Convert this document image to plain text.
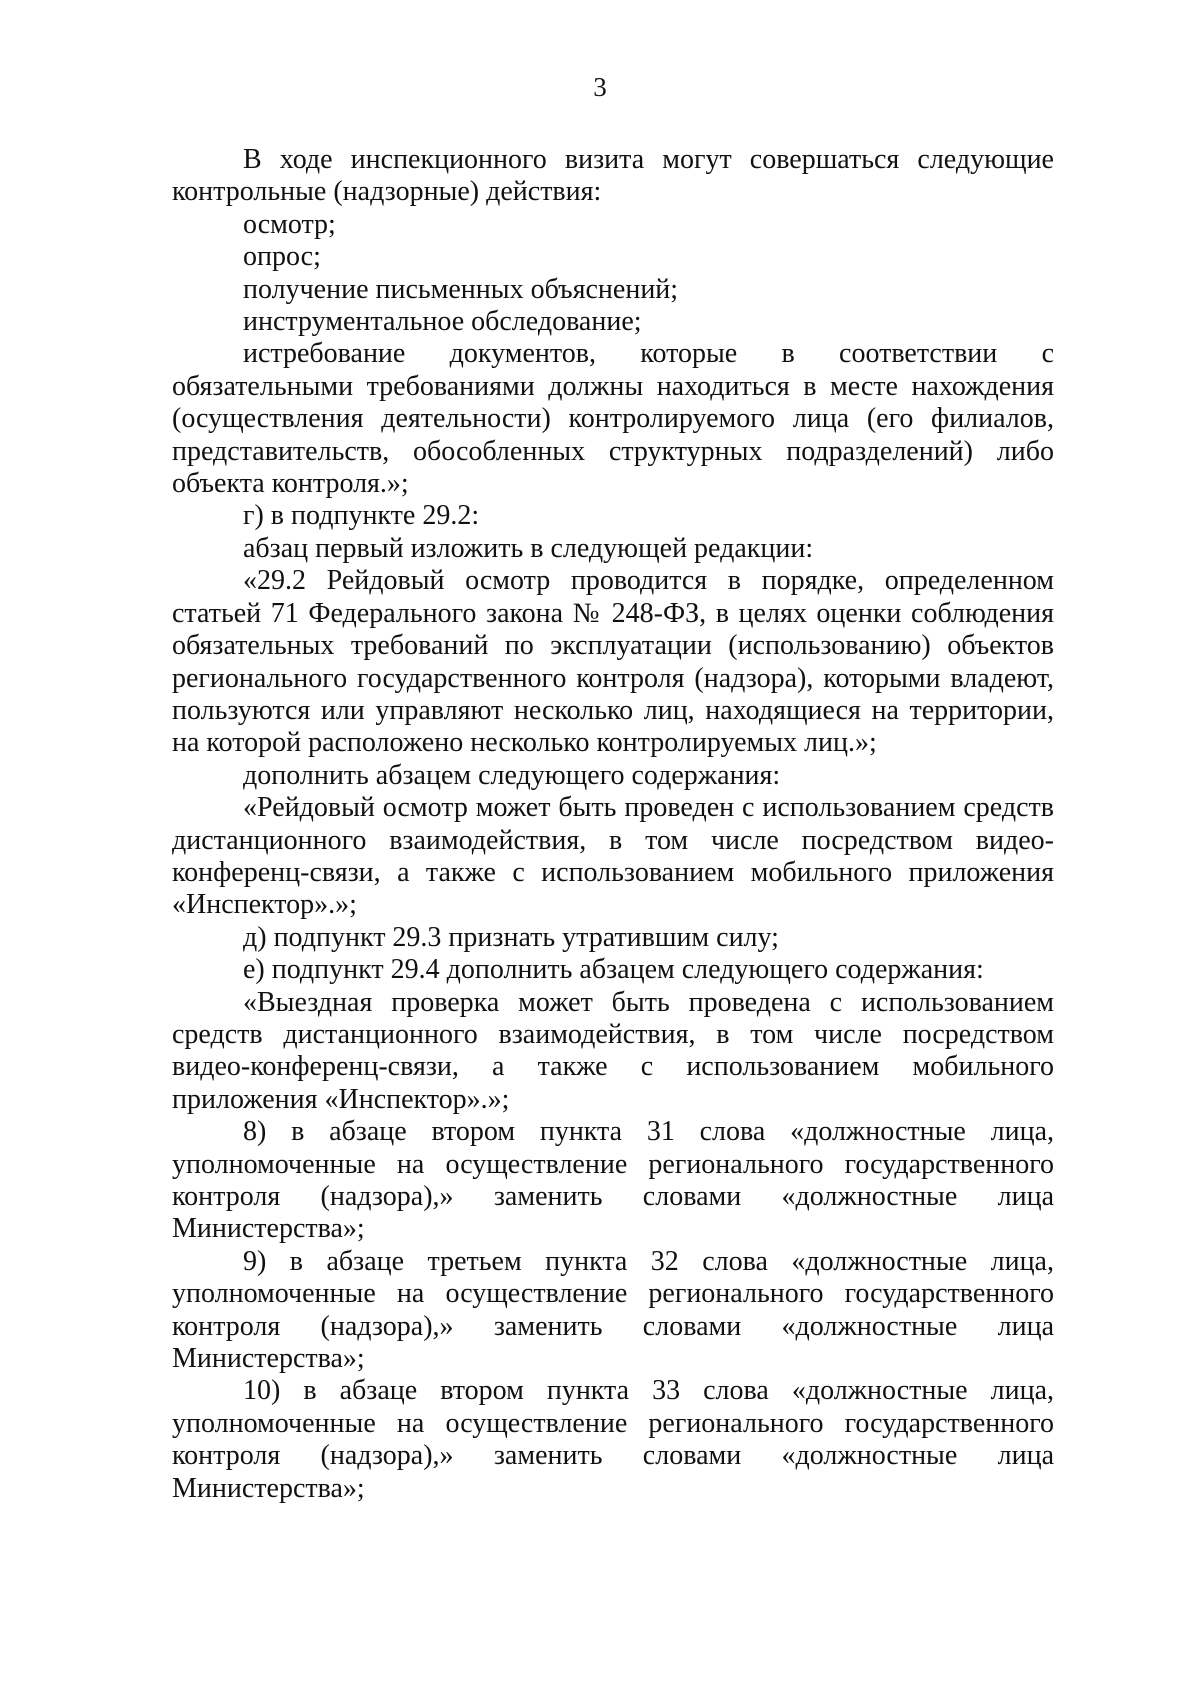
3

В ходе инспекционного визита могут совершаться следующие контрольные (надзорные) действия:

осмотр;

опрос;

получение письменных объяснений;

инструментальное обследование;

истребование документов, которые в соответствии с обязательными требованиями должны находиться в месте нахождения (осуществления деятельности) контролируемого лица (его филиалов, представительств, обособленных структурных подразделений) либо объекта контроля.»;

г) в подпункте 29.2:

абзац первый изложить в следующей редакции:

«29.2 Рейдовый осмотр проводится в порядке, определенном статьей 71 Федерального закона № 248-ФЗ, в целях оценки соблюдения обязательных требований по эксплуатации (использованию) объектов регионального государственного контроля (надзора), которыми владеют, пользуются или управляют несколько лиц, находящиеся на территории, на которой расположено несколько контролируемых лиц.»;

дополнить абзацем следующего содержания:

«Рейдовый осмотр может быть проведен с использованием средств дистанционного взаимодействия, в том числе посредством видео-конференц-связи, а также с использованием мобильного приложения «Инспектор».»;

д) подпункт 29.3 признать утратившим силу;

е) подпункт 29.4 дополнить абзацем следующего содержания:

«Выездная проверка может быть проведена с использованием средств дистанционного взаимодействия, в том числе посредством видео-конференц-связи, а также с использованием мобильного приложения «Инспектор».»;

8) в абзаце втором пункта 31 слова «должностные лица, уполномоченные на осуществление регионального государственного контроля (надзора),» заменить словами «должностные лица Министерства»;

9) в абзаце третьем пункта 32 слова «должностные лица, уполномоченные на осуществление регионального государственного контроля (надзора),» заменить словами «должностные лица Министерства»;

10) в абзаце втором пункта 33 слова «должностные лица, уполномоченные на осуществление регионального государственного контроля (надзора),» заменить словами «должностные лица Министерства»;
